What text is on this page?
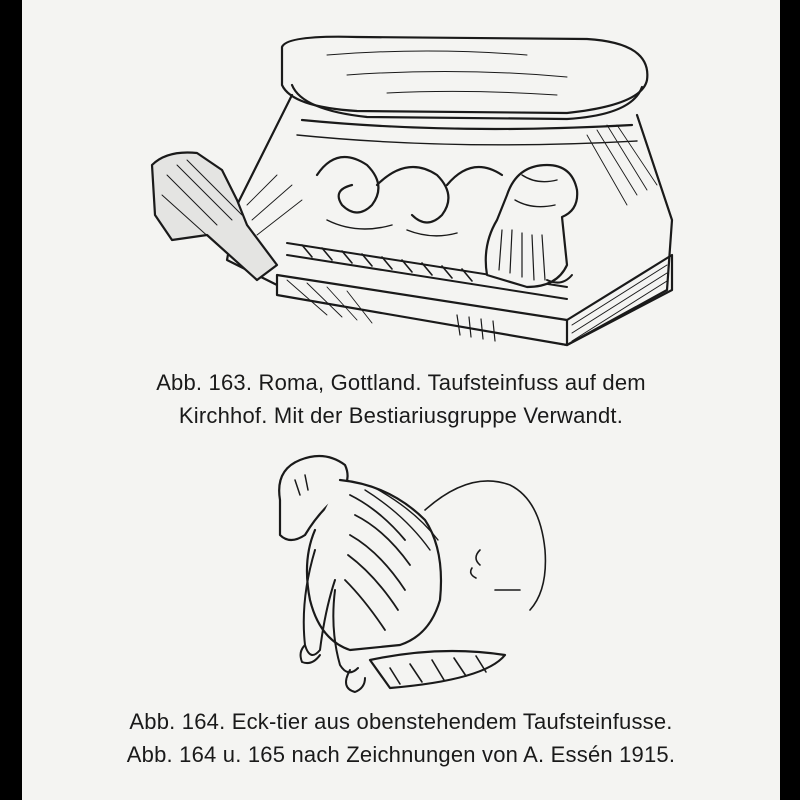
Abb. 163. Roma, Gottland. Taufsteinfuss auf dem
Kirchhof. Mit der Bestiariusgruppe Verwandt.
Abb. 164. Eck-tier aus obenstehendem Taufsteinfusse.
Abb. 164 u. 165 nach Zeichnungen von A. Essén 1915.
